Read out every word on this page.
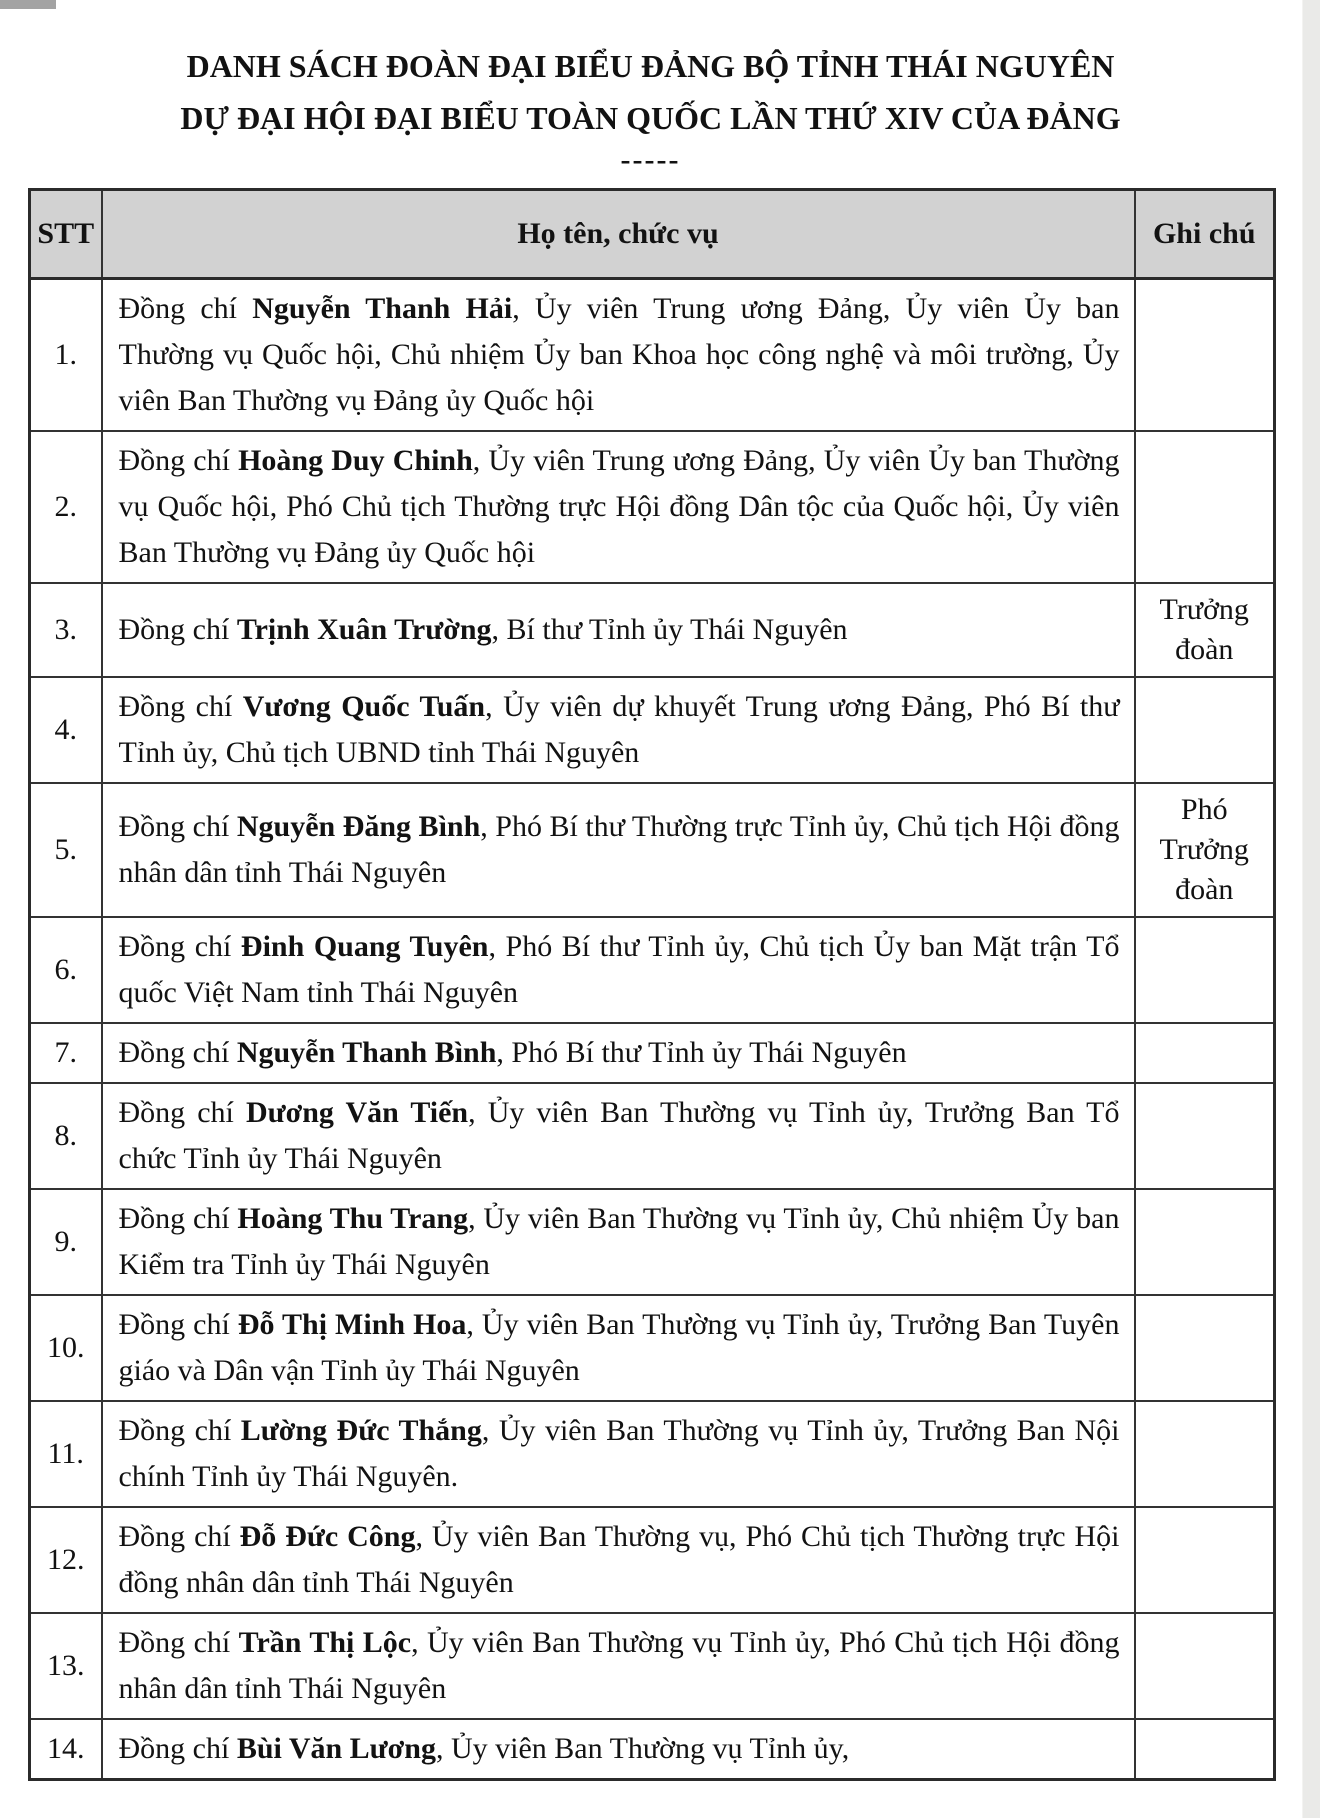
DANH SÁCH ĐOÀN ĐẠI BIỂU ĐẢNG BỘ TỈNH THÁI NGUYÊN
DỰ ĐẠI HỘI ĐẠI BIỂU TOÀN QUỐC LẦN THỨ XIV CỦA ĐẢNG
-----
STT	Họ tên, chức vụ	Ghi chú
1.	Đồng chí Nguyễn Thanh Hải, Ủy viên Trung ương Đảng, Ủy viên Ủy ban Thường vụ Quốc hội, Chủ nhiệm Ủy ban Khoa học công nghệ và môi trường, Ủy viên Ban Thường vụ Đảng ủy Quốc hội	
2.	Đồng chí Hoàng Duy Chinh, Ủy viên Trung ương Đảng, Ủy viên Ủy ban Thường vụ Quốc hội, Phó Chủ tịch Thường trực Hội đồng Dân tộc của Quốc hội, Ủy viên Ban Thường vụ Đảng ủy Quốc hội	
3.	Đồng chí Trịnh Xuân Trường, Bí thư Tỉnh ủy Thái Nguyên	Trưởng đoàn
4.	Đồng chí Vương Quốc Tuấn, Ủy viên dự khuyết Trung ương Đảng, Phó Bí thư Tỉnh ủy, Chủ tịch UBND tỉnh Thái Nguyên	
5.	Đồng chí Nguyễn Đăng Bình, Phó Bí thư Thường trực Tỉnh ủy, Chủ tịch Hội đồng nhân dân tỉnh Thái Nguyên	Phó Trưởng đoàn
6.	Đồng chí Đinh Quang Tuyên, Phó Bí thư Tỉnh ủy, Chủ tịch Ủy ban Mặt trận Tổ quốc Việt Nam tỉnh Thái Nguyên	
7.	Đồng chí Nguyễn Thanh Bình, Phó Bí thư Tỉnh ủy Thái Nguyên	
8.	Đồng chí Dương Văn Tiến, Ủy viên Ban Thường vụ Tỉnh ủy, Trưởng Ban Tổ chức Tỉnh ủy Thái Nguyên	
9.	Đồng chí Hoàng Thu Trang, Ủy viên Ban Thường vụ Tỉnh ủy, Chủ nhiệm Ủy ban Kiểm tra Tỉnh ủy Thái Nguyên	
10.	Đồng chí Đỗ Thị Minh Hoa, Ủy viên Ban Thường vụ Tỉnh ủy, Trưởng Ban Tuyên giáo và Dân vận Tỉnh ủy Thái Nguyên	
11.	Đồng chí Lường Đức Thắng, Ủy viên Ban Thường vụ Tỉnh ủy, Trưởng Ban Nội chính Tỉnh ủy Thái Nguyên.	
12.	Đồng chí Đỗ Đức Công, Ủy viên Ban Thường vụ, Phó Chủ tịch Thường trực Hội đồng nhân dân tỉnh Thái Nguyên	
13.	Đồng chí Trần Thị Lộc, Ủy viên Ban Thường vụ Tỉnh ủy, Phó Chủ tịch Hội đồng nhân dân tỉnh Thái Nguyên	
14.	Đồng chí Bùi Văn Lương, Ủy viên Ban Thường vụ Tỉnh ủy,	
